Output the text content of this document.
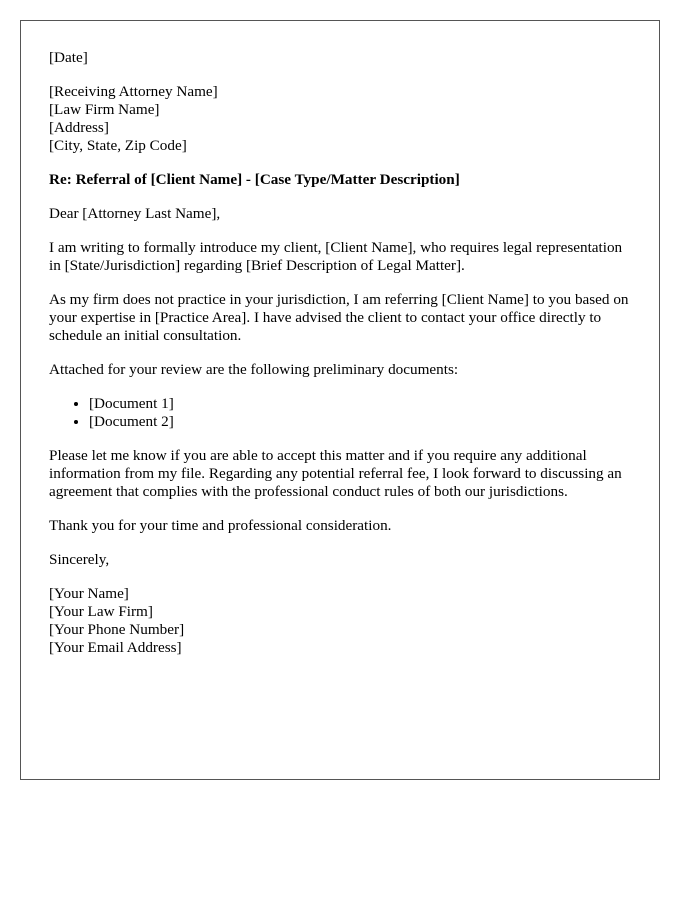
[Date]
[Receiving Attorney Name]
[Law Firm Name]
[Address]
[City, State, Zip Code]
Re: Referral of [Client Name] - [Case Type/Matter Description]

Dear [Attorney Last Name],

I am writing to formally introduce my client, [Client Name], who requires legal representation in [State/Jurisdiction] regarding [Brief Description of Legal Matter].

As my firm does not practice in your jurisdiction, I am referring [Client Name] to you based on your expertise in [Practice Area]. I have advised the client to contact your office directly to schedule an initial consultation.

Attached for your review are the following preliminary documents:

• [Document 1]
• [Document 2]

Please let me know if you are able to accept this matter and if you require any additional information from my file. Regarding any potential referral fee, I look forward to discussing an agreement that complies with the professional conduct rules of both our jurisdictions.

Thank you for your time and professional consideration.

Sincerely,

[Your Name]
[Your Law Firm]
[Your Phone Number]
[Your Email Address]
